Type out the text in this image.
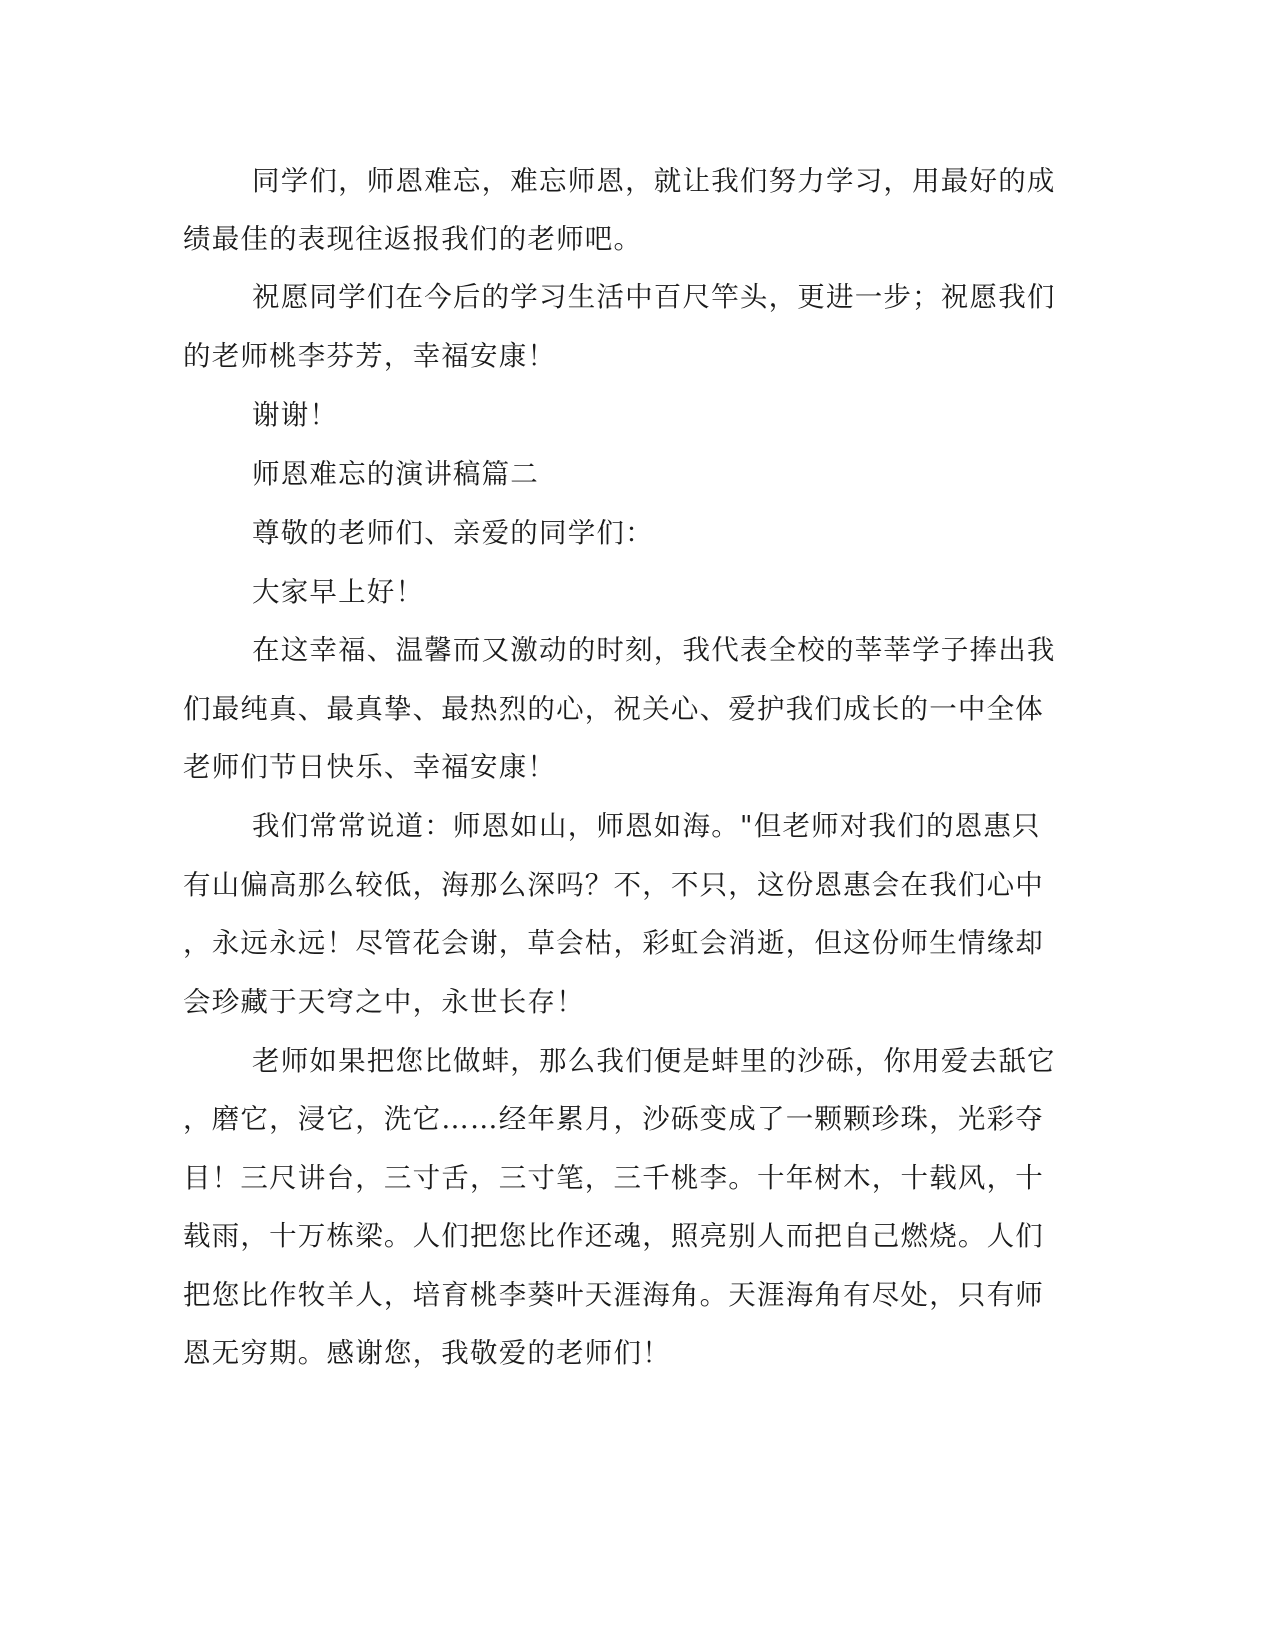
同学们，师恩难忘，难忘师恩，就让我们努力学习，用最好的成
绩最佳的表现往返报我们的老师吧。
祝愿同学们在今后的学习生活中百尺竿头，更进一步；祝愿我们
的老师桃李芬芳，幸福安康！
谢谢！
师恩难忘的演讲稿篇二
尊敬的老师们、亲爱的同学们：
大家早上好！
在这幸福、温馨而又激动的时刻，我代表全校的莘莘学子捧出我
们最纯真、最真挚、最热烈的心，祝关心、爱护我们成长的一中全体
老师们节日快乐、幸福安康！
我们常常说道：师恩如山，师恩如海。"但老师对我们的恩惠只
有山偏高那么较低，海那么深吗？不，不只，这份恩惠会在我们心中
，永远永远！尽管花会谢，草会枯，彩虹会消逝，但这份师生情缘却
会珍藏于天穹之中，永世长存！
老师如果把您比做蚌，那么我们便是蚌里的沙砾，你用爱去舐它
，磨它，浸它，洗它……经年累月，沙砾变成了一颗颗珍珠，光彩夺
目！三尺讲台，三寸舌，三寸笔，三千桃李。十年树木，十载风，十
载雨，十万栋梁。人们把您比作还魂，照亮别人而把自己燃烧。人们
把您比作牧羊人，培育桃李葵叶天涯海角。天涯海角有尽处，只有师
恩无穷期。感谢您，我敬爱的老师们！
